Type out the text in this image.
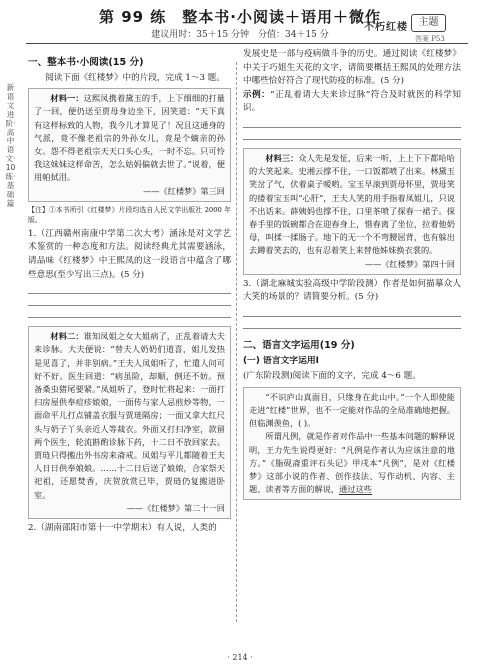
第 99 练　整本书·小阅读＋语用＋微作
建议用时：35＋15 分钟　分值：34＋15 分
不朽红楼	主题
答案 P53
新语文进阶·高中语文·10练·基础篇
一、整本书·小阅读(15 分)

阅读下面《红楼梦》中的片段，完成 1～3 题。

材料一：这熙凤携着黛玉的手，上下细细的打量了一回，便仍送至贾母身边坐下，因笑道：“天下真有这样标致的人物，我今儿才算见了！况且这通身的气派，竟不像老祖宗的外孙女儿，竟是个嫡亲的孙女。怨不得老祖宗天天口头心头，一时不忘。只可怜我这妹妹这样命苦，怎么姑妈偏就去世了。”说着，便用帕拭泪。

——《红楼梦》第三回

【注】①本书所引《红楼梦》片段均选自人民文学出版社 2000 年版。

1.（江西赣州南康中学第二次大考）涵泳是对文学艺术鉴赏的一种态度和方法。阅读经典尤其需要涵泳，请品味《红楼梦》中王熙凤的这一段语言中蕴含了哪些意思(至少写出三点)。(5 分)

材料二：谁知凤姐之女大姐病了，正乱着请大夫来诊脉。大夫便说：“替夫人奶奶们道喜，姐儿发热是见喜了，并非别病。”王夫人凤姐听了，忙遣人问可好不好。医生回道：“病虽险，却顺，倒还不妨。预备桑虫猪尾要紧。”凤姐听了，登时忙将起来：一面打扫房屋供奉痘疹娘娘，一面传与家人忌煎炒等物，一面命平儿打点铺盖衣服与贾琏隔房；一面又拿大红尺头与奶子丫头亲近人等裁衣。外面又打扫净室，款留两个医生，轮流斟酌诊脉下药，十二日不放回家去。贾琏只得搬出外书房来斋戒。凤姐与平儿都随着王夫人日日供奉娘娘。……十二日后送了娘娘，合家祭天祀祖，还愿焚香，庆贺放赏已毕，贾琏仍复搬进卧室。

——《红楼梦》第二十一回

2.（湖南邵阳市第十一中学期末）有人说，人类的

发展史是一部与疫病做斗争的历史。通过阅读《红楼梦》中关于巧姐生天花的文字，请简要概括王熙凤的处理方法中哪些恰好符合了现代防疫的标准。(5 分)

示例：“正乱着请大夫来诊过脉”符合及时就医的科学知识。

材料三：众人先是发怔，后来一听，上上下下都哈哈的大笑起来。史湘云撑不住，一口饭都喷了出来。林黛玉笑岔了气，伏着桌子嗳哟。宝玉早滚到贾母怀里，贾母笑的搂着宝玉叫“心肝”，王夫人笑的用手指着凤姐儿，只说不出话来。薛姨妈也撑不住，口里茶喷了探春一裙子。探春手里的饭碗都合在迎春身上，惜春离了坐位，拉着他奶母，叫揉一揉肠子。地下的无一个不弯腰屈背，也有躲出去蹲着笑去的，也有忍着笑上来替他姊妹换衣裳的。

——《红楼梦》第四十回

3.（湖北麻城实验高级中学阶段测）作者是如何描摹众人大笑的场景的？请简要分析。(5 分)

二、语言文字运用(19 分)
(一) 语言文字运用Ⅰ

(广东阶段测)阅读下面的文字，完成 4～6 题。

“不识庐山真面目，只缘身在此山中。”一个人即使能走进“红楼”世界，也不一定能对作品的全局准确地把握。但临渊羡鱼，( )。

所谓凡例，就是作者对作品中一些基本问题的解释说明，王力先生说得更好：“凡例是作者认为应该注意的地方。”《脂砚斋重评石头记》甲戌本“凡例”，是对《红楼梦》这部小说的作者、创作技法、写作动机、内容、主题、读者等方面的解说，通过这些

· 214 ·
